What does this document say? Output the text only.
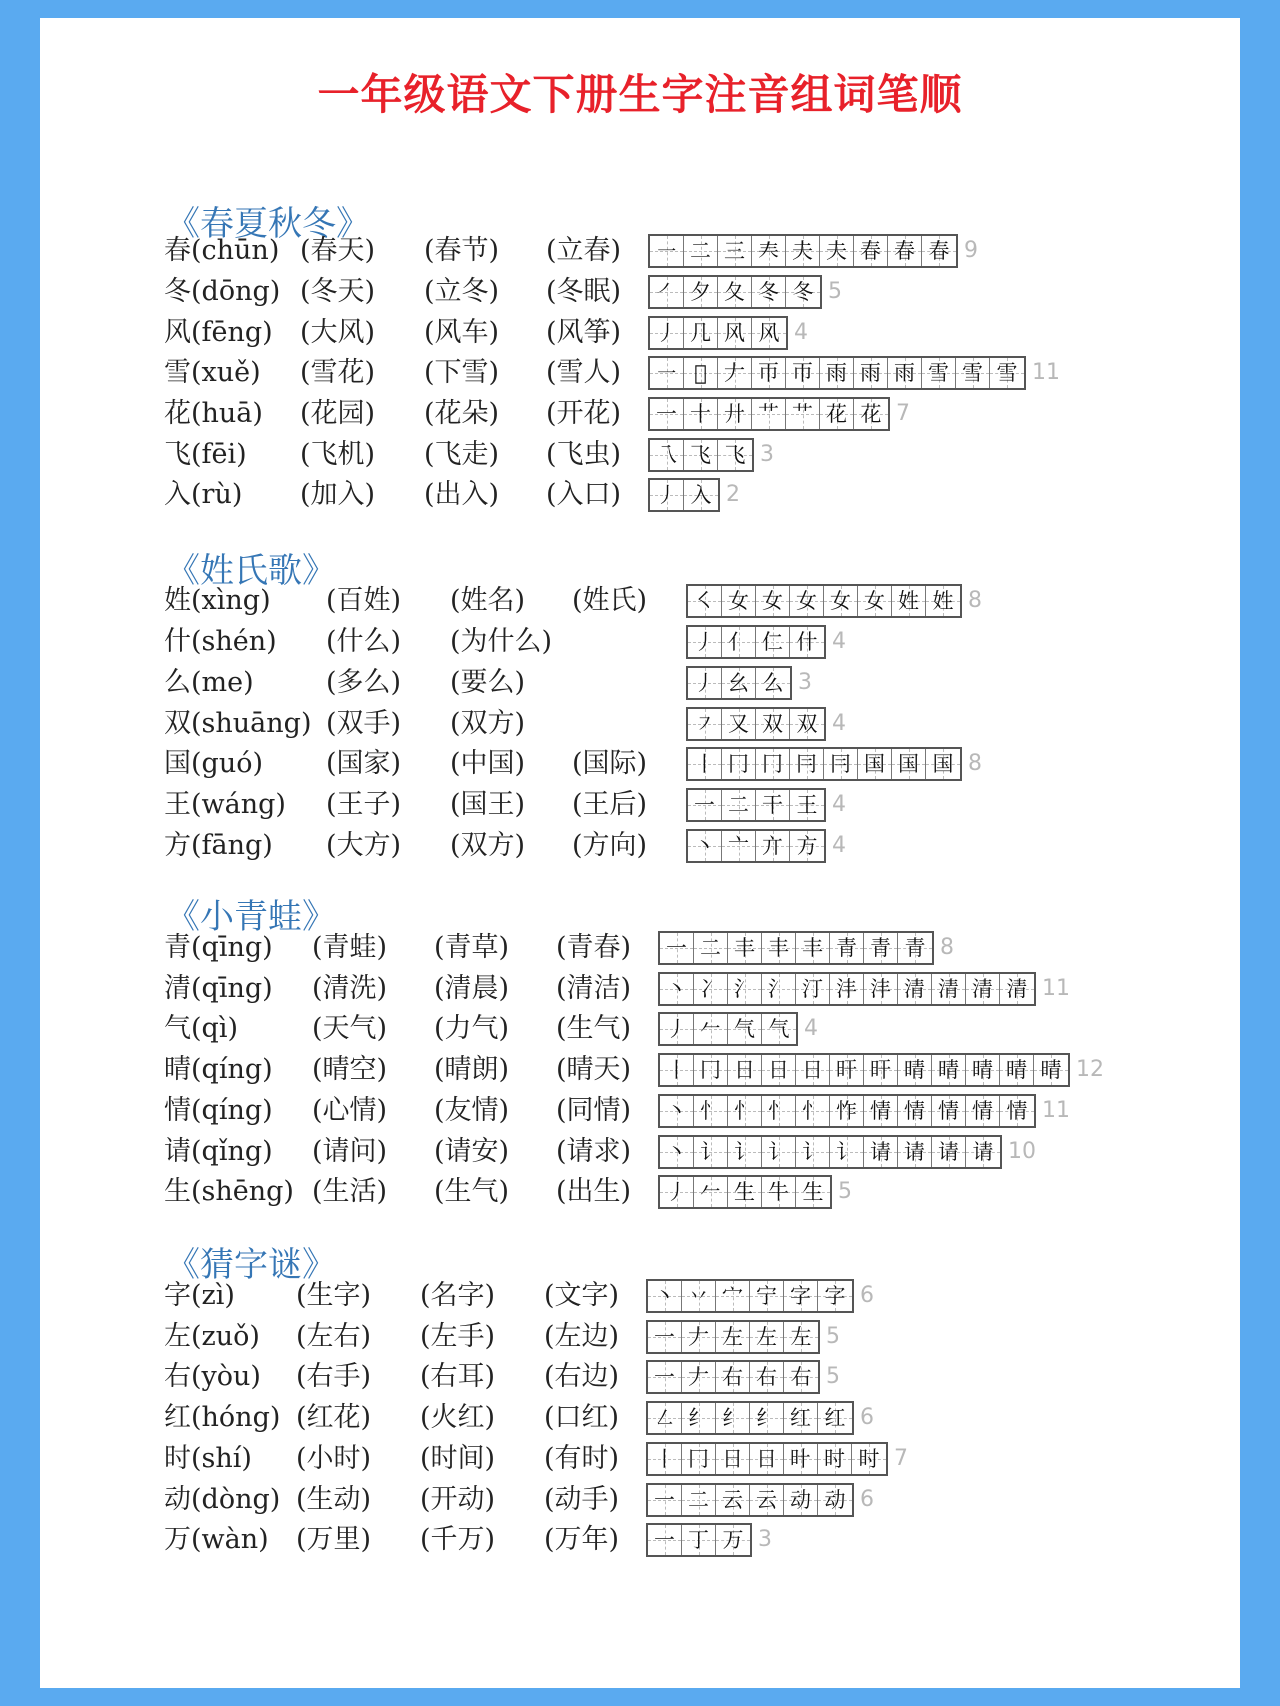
一年级语文下册生字注音组词笔顺
《春夏秋冬》
春(chūn) (春天) (春节) (立春) ㇐ 二 三 𡗗 夫 夫 春 春 春 9
冬(dōng) (冬天) (立冬) (冬眠) ㇒ 夕 夂 冬 冬 5
风(fēng) (大风) (风车) (风筝) 丿 几 风 风 4
雪(xuě) (雪花) (下雪) (雪人) ㇐ 𠂋 𠂇 帀 帀 雨 雨 雨 雪 雪 雪 11
花(huā) (花园) (花朵) (开花) 一 十 廾 艹 艹 花 花 7
飞(fēi) (飞机) (飞走) (飞虫) 乁 飞 飞 3
入(rù) (加入) (出入) (入口) 丿 入 2
《姓氏歌》
姓(xìng) (百姓) (姓名) (姓氏) ㇛ 女 女 女 女 女 姓 姓 8
什(shén) (什么) (为什么)	丿 亻 仁 什 4
么(me)	(多么) (要么)	丿 幺 么 3
双(shuāng) (双手) (双方)	㇇ 又 双 双 4
国(guó) (国家) (中国) (国际) 丨 冂 冂 冃 冃 国 国 国 8
王(wáng) (王子) (国王) (王后) 一 二 干 王 4
方(fāng) (大方) (双方) (方向) 丶 亠 亣 方 4
《小青蛙》
青(qīng) (青蛙) (青草) (青春) 一 二 丰 丰 丰 青 青 青 8
清(qīng) (清洗) (清晨) (清洁) 丶 冫 氵 氵 汀 沣 沣 清 清 清 清 11
气(qì)	(天气) (力气) (生气) 丿 𠂉 气 气 4
晴(qíng) (晴空) (晴朗) (晴天) 丨 冂 日 日 日 旰 旰 晴 晴 晴 晴 晴 12
情(qíng) (心情) (友情) (同情) 丶 忄 忄 忄 忄 怍 情 情 情 情 情 11
请(qǐng) (请问) (请安) (请求) 丶 讠 讠 讠 讠 讠 请 请 请 请 10
生(shēng) (生活) (生气) (出生) 丿 𠂉 生 牛 生 5
《猜字谜》
字(zì) (生字) (名字) (文字) 丶 丷 宀 宁 字 字 6
左(zuǒ) (左右) (左手) (左边) 一 𠂇 左 左 左 5
右(yòu) (右手) (右耳) (右边) 一 𠂇 右 右 右 5
红(hóng) (红花) (火红) (口红) ㇜ 纟 纟 纟 红 红 6
时(shí) (小时) (时间) (有时) 丨 冂 日 日 旪 时 时 7
动(dòng) (生动) (开动) (动手) 一 二 云 云 动 动 6
万(wàn) (万里) (千万) (万年) 一 丁 万 3
